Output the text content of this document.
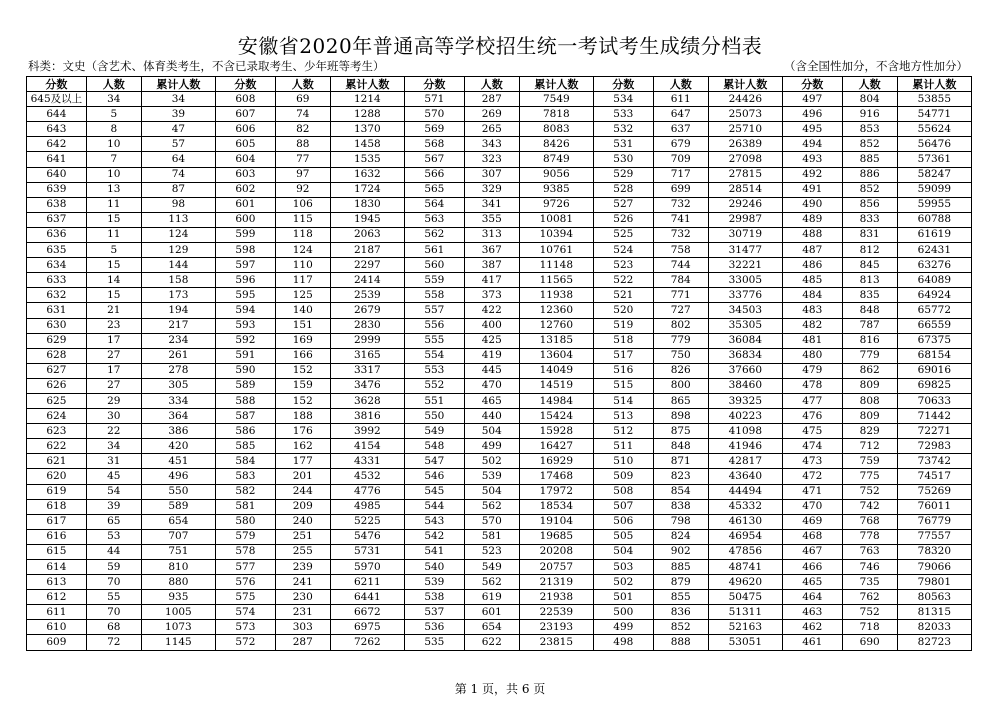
安徽省2020年普通高等学校招生统一考试考生成绩分档表
科类：文史（含艺术、体育类考生，不含已录取考生、少年班等考生）	（含全国性加分，不含地方性加分）
分数	人数	累计人数	分数	人数	累计人数	分数	人数	累计人数	分数	人数	累计人数	分数	人数	累计人数
645及以上	34	34	608	69	1214	571	287	7549	534	611	24426	497	804	53855
644	5	39	607	74	1288	570	269	7818	533	647	25073	496	916	54771
643	8	47	606	82	1370	569	265	8083	532	637	25710	495	853	55624
642	10	57	605	88	1458	568	343	8426	531	679	26389	494	852	56476
641	7	64	604	77	1535	567	323	8749	530	709	27098	493	885	57361
640	10	74	603	97	1632	566	307	9056	529	717	27815	492	886	58247
639	13	87	602	92	1724	565	329	9385	528	699	28514	491	852	59099
638	11	98	601	106	1830	564	341	9726	527	732	29246	490	856	59955
637	15	113	600	115	1945	563	355	10081	526	741	29987	489	833	60788
636	11	124	599	118	2063	562	313	10394	525	732	30719	488	831	61619
635	5	129	598	124	2187	561	367	10761	524	758	31477	487	812	62431
634	15	144	597	110	2297	560	387	11148	523	744	32221	486	845	63276
633	14	158	596	117	2414	559	417	11565	522	784	33005	485	813	64089
632	15	173	595	125	2539	558	373	11938	521	771	33776	484	835	64924
631	21	194	594	140	2679	557	422	12360	520	727	34503	483	848	65772
630	23	217	593	151	2830	556	400	12760	519	802	35305	482	787	66559
629	17	234	592	169	2999	555	425	13185	518	779	36084	481	816	67375
628	27	261	591	166	3165	554	419	13604	517	750	36834	480	779	68154
627	17	278	590	152	3317	553	445	14049	516	826	37660	479	862	69016
626	27	305	589	159	3476	552	470	14519	515	800	38460	478	809	69825
625	29	334	588	152	3628	551	465	14984	514	865	39325	477	808	70633
624	30	364	587	188	3816	550	440	15424	513	898	40223	476	809	71442
623	22	386	586	176	3992	549	504	15928	512	875	41098	475	829	72271
622	34	420	585	162	4154	548	499	16427	511	848	41946	474	712	72983
621	31	451	584	177	4331	547	502	16929	510	871	42817	473	759	73742
620	45	496	583	201	4532	546	539	17468	509	823	43640	472	775	74517
619	54	550	582	244	4776	545	504	17972	508	854	44494	471	752	75269
618	39	589	581	209	4985	544	562	18534	507	838	45332	470	742	76011
617	65	654	580	240	5225	543	570	19104	506	798	46130	469	768	76779
616	53	707	579	251	5476	542	581	19685	505	824	46954	468	778	77557
615	44	751	578	255	5731	541	523	20208	504	902	47856	467	763	78320
614	59	810	577	239	5970	540	549	20757	503	885	48741	466	746	79066
613	70	880	576	241	6211	539	562	21319	502	879	49620	465	735	79801
612	55	935	575	230	6441	538	619	21938	501	855	50475	464	762	80563
611	70	1005	574	231	6672	537	601	22539	500	836	51311	463	752	81315
610	68	1073	573	303	6975	536	654	23193	499	852	52163	462	718	82033
609	72	1145	572	287	7262	535	622	23815	498	888	53051	461	690	82723
第 1 页，共 6 页
